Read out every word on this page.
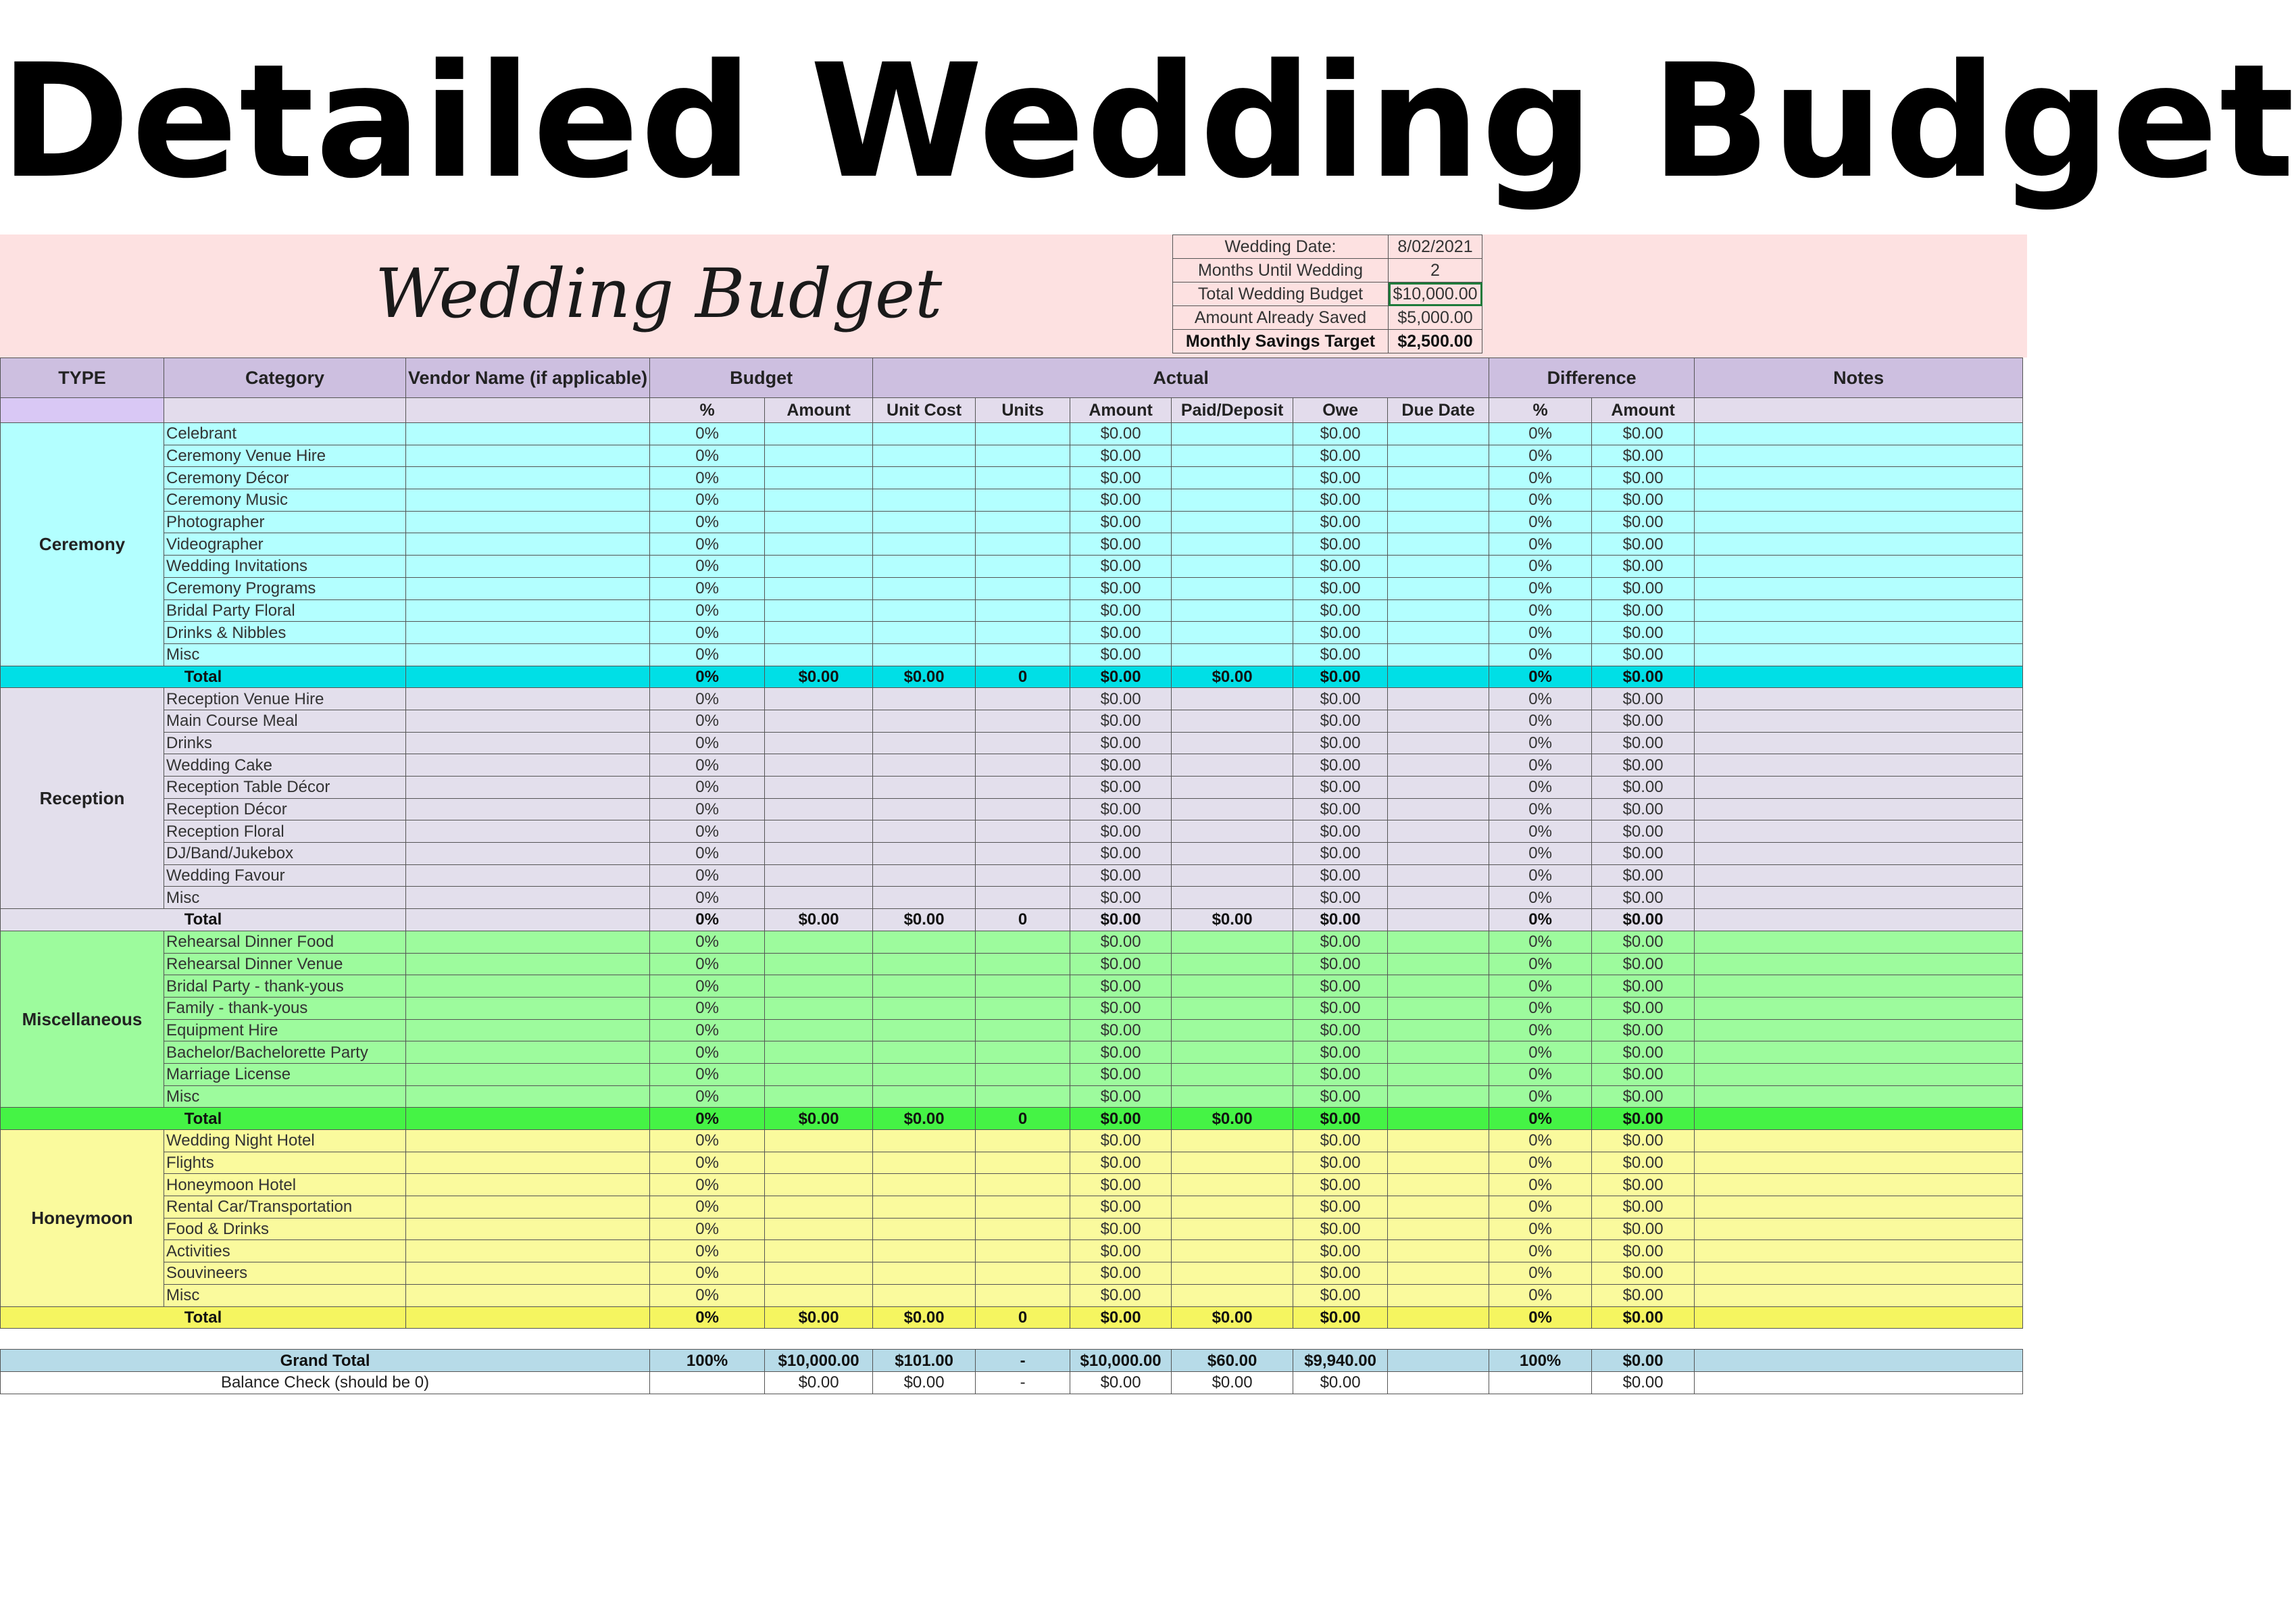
Detailed Wedding Budget
Wedding Budget
Wedding Date:	8/02/2021
Months Until Wedding	2
Total Wedding Budget	$10,000.00
Amount Already Saved	$5,000.00
Monthly Savings Target	$2,500.00
TYPE	Category	Vendor Name (if applicable)	Budget		Actual						Difference		Notes
			%	Amount	Unit Cost	Units	Amount	Paid/Deposit	Owe	Due Date	%	Amount	
Ceremony	Celebrant		0%				$0.00		$0.00		0%	$0.00	
	Ceremony Venue Hire		0%				$0.00		$0.00		0%	$0.00	
	Ceremony Décor		0%				$0.00		$0.00		0%	$0.00	
	Ceremony Music		0%				$0.00		$0.00		0%	$0.00	
	Photographer		0%				$0.00		$0.00		0%	$0.00	
	Videographer		0%				$0.00		$0.00		0%	$0.00	
	Wedding Invitations		0%				$0.00		$0.00		0%	$0.00	
	Ceremony Programs		0%				$0.00		$0.00		0%	$0.00	
	Bridal Party Floral		0%				$0.00		$0.00		0%	$0.00	
	Drinks & Nibbles		0%				$0.00		$0.00		0%	$0.00	
	Misc		0%				$0.00		$0.00		0%	$0.00	
Total			0%	$0.00	$0.00	0	$0.00	$0.00	$0.00		0%	$0.00	
Reception	Reception Venue Hire		0%				$0.00		$0.00		0%	$0.00	
	Main Course Meal		0%				$0.00		$0.00		0%	$0.00	
	Drinks		0%				$0.00		$0.00		0%	$0.00	
	Wedding Cake		0%				$0.00		$0.00		0%	$0.00	
	Reception Table Décor		0%				$0.00		$0.00		0%	$0.00	
	Reception Décor		0%				$0.00		$0.00		0%	$0.00	
	Reception Floral		0%				$0.00		$0.00		0%	$0.00	
	DJ/Band/Jukebox		0%				$0.00		$0.00		0%	$0.00	
	Wedding Favour		0%				$0.00		$0.00		0%	$0.00	
	Misc		0%				$0.00		$0.00		0%	$0.00	
Total			0%	$0.00	$0.00	0	$0.00	$0.00	$0.00		0%	$0.00	
Miscellaneous	Rehearsal Dinner Food		0%				$0.00		$0.00		0%	$0.00	
	Rehearsal Dinner Venue		0%				$0.00		$0.00		0%	$0.00	
	Bridal Party - thank-yous		0%				$0.00		$0.00		0%	$0.00	
	Family - thank-yous		0%				$0.00		$0.00		0%	$0.00	
	Equipment Hire		0%				$0.00		$0.00		0%	$0.00	
	Bachelor/Bachelorette Party		0%				$0.00		$0.00		0%	$0.00	
	Marriage License		0%				$0.00		$0.00		0%	$0.00	
	Misc		0%				$0.00		$0.00		0%	$0.00	
Total			0%	$0.00	$0.00	0	$0.00	$0.00	$0.00		0%	$0.00	
Honeymoon	Wedding Night Hotel		0%				$0.00		$0.00		0%	$0.00	
	Flights		0%				$0.00		$0.00		0%	$0.00	
	Honeymoon Hotel		0%				$0.00		$0.00		0%	$0.00	
	Rental Car/Transportation		0%				$0.00		$0.00		0%	$0.00	
	Food & Drinks		0%				$0.00		$0.00		0%	$0.00	
	Activities		0%				$0.00		$0.00		0%	$0.00	
	Souvineers		0%				$0.00		$0.00		0%	$0.00	
	Misc		0%				$0.00		$0.00		0%	$0.00	
Total			0%	$0.00	$0.00	0	$0.00	$0.00	$0.00		0%	$0.00	

Grand Total			100%	$10,000.00	$101.00	-	$10,000.00	$60.00	$9,940.00		100%	$0.00	
Balance Check (should be 0)				$0.00	$0.00	-	$0.00	$0.00	$0.00			$0.00	
